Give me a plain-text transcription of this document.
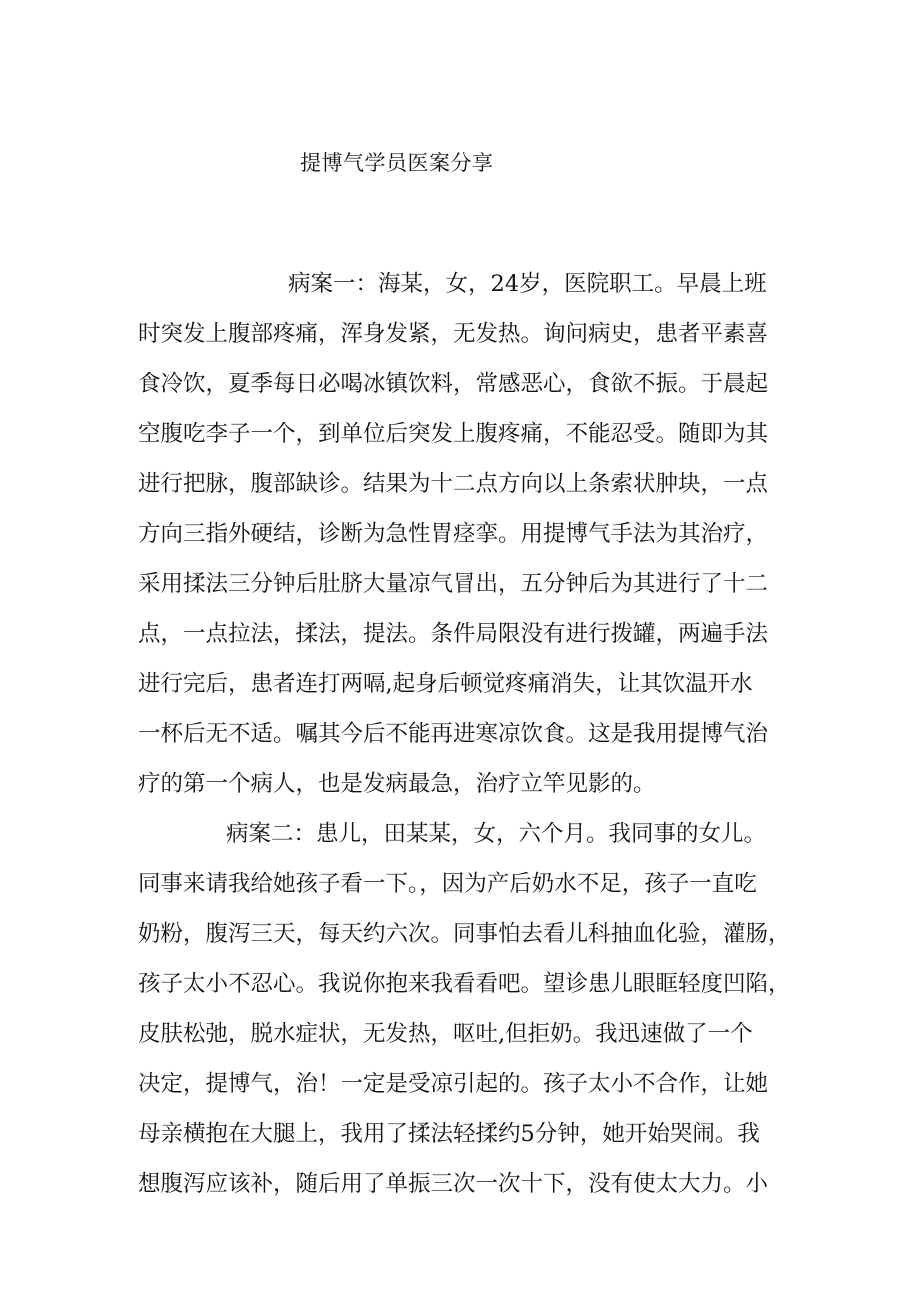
提博气学员医案分享
病案一：海某，女，24岁，医院职工。早晨上班
时突发上腹部疼痛，浑身发紧，无发热。询问病史，患者平素喜
食冷饮，夏季每日必喝冰镇饮料，常感恶心，食欲不振。于晨起
空腹吃李子一个，到单位后突发上腹疼痛，不能忍受。随即为其
进行把脉，腹部缺诊。结果为十二点方向以上条索状肿块，一点
方向三指外硬结，诊断为急性胃痉挛。用提博气手法为其治疗，
采用揉法三分钟后肚脐大量凉气冒出，五分钟后为其进行了十二
点，一点拉法，揉法，提法。条件局限没有进行拨罐，两遍手法
进行完后，患者连打两嗝,起身后顿觉疼痛消失，让其饮温开水
一杯后无不适。嘱其今后不能再进寒凉饮食。这是我用提博气治
疗的第一个病人，也是发病最急，治疗立竿见影的。
病案二：患儿，田某某，女，六个月。我同事的女儿。
同事来请我给她孩子看一下。，因为产后奶水不足，孩子一直吃
奶粉，腹泻三天，每天约六次。同事怕去看儿科抽血化验，灌肠，
孩子太小不忍心。我说你抱来我看看吧。望诊患儿眼眶轻度凹陷，
皮肤松弛，脱水症状，无发热，呕吐,但拒奶。我迅速做了一个
决定，提博气，治！一定是受凉引起的。孩子太小不合作，让她
母亲横抱在大腿上，我用了揉法轻揉约5分钟，她开始哭闹。我
想腹泻应该补，随后用了单振三次一次十下，没有使太大力。小
